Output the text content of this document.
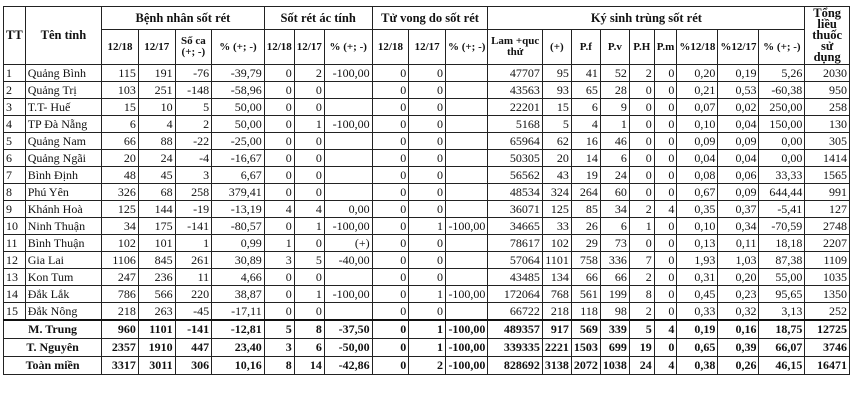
TT	Tên tỉnh	Bệnh nhân sốt rét				Sốt rét ác tính			Tử vong do sốt rét			Ký sinh trùng sốt rét									Tổng liều thuốc sử dụng
		12/18	12/17	Số ca (+; -)	% (+; -)	12/18	12/17	% (+; -)	12/18	12/17	% (+; -)	Lam +quc thử	(+)	P.f	P.v	P.H	P.m	%12/18	%12/17	% (+; -)	
1	Quảng Bình	115	191	-76	-39,79	0	2	-100,00	0	0		47707	95	41	52	2	0	0,20	0,19	5,26	2030
2	Quảng Trị	103	251	-148	-58,96	0	0		0	0		43563	93	65	28	0	0	0,21	0,53	-60,38	950
3	T.T- Huế	15	10	5	50,00	0	0		0	0		22201	15	6	9	0	0	0,07	0,02	250,00	258
4	TP Đà Nẵng	6	4	2	50,00	0	1	-100,00	0	0		5168	5	4	1	0	0	0,10	0,04	150,00	130
5	Quảng Nam	66	88	-22	-25,00	0	0		0	0		65964	62	16	46	0	0	0,09	0,09	0,00	305
6	Quảng Ngãi	20	24	-4	-16,67	0	0		0	0		50305	20	14	6	0	0	0,04	0,04	0,00	1414
7	Bình Định	48	45	3	6,67	0	0		0	0		56562	43	19	24	0	0	0,08	0,06	33,33	1565
8	Phú Yên	326	68	258	379,41	0	0		0	0		48534	324	264	60	0	0	0,67	0,09	644,44	991
9	Khánh Hoà	125	144	-19	-13,19	4	4	0,00	0	0		36071	125	85	34	2	4	0,35	0,37	-5,41	127
10	Ninh Thuận	34	175	-141	-80,57	0	1	-100,00	0	1	-100,00	34665	33	26	6	1	0	0,10	0,34	-70,59	2748
11	Bình Thuận	102	101	1	0,99	1	0	(+)	0	0		78617	102	29	73	0	0	0,13	0,11	18,18	2207
12	Gia Lai	1106	845	261	30,89	3	5	-40,00	0	0		57064	1101	758	336	7	0	1,93	1,03	87,38	1109
13	Kon Tum	247	236	11	4,66	0	0		0	0		43485	134	66	66	2	0	0,31	0,20	55,00	1035
14	Đắk Lắk	786	566	220	38,87	0	1	-100,00	0	1	-100,00	172064	768	561	199	8	0	0,45	0,23	95,65	1350
15	Đắk Nông	218	263	-45	-17,11	0	0		0	0		66722	218	118	98	2	0	0,33	0,32	3,13	252
M. Trung		960	1101	-141	-12,81	5	8	-37,50	0	1	-100,00	489357	917	569	339	5	4	0,19	0,16	18,75	12725
T. Nguyên		2357	1910	447	23,40	3	6	-50,00	0	1	-100,00	339335	2221	1503	699	19	0	0,65	0,39	66,07	3746
Toàn miền		3317	3011	306	10,16	8	14	-42,86	0	2	-100,00	828692	3138	2072	1038	24	4	0,38	0,26	46,15	16471
